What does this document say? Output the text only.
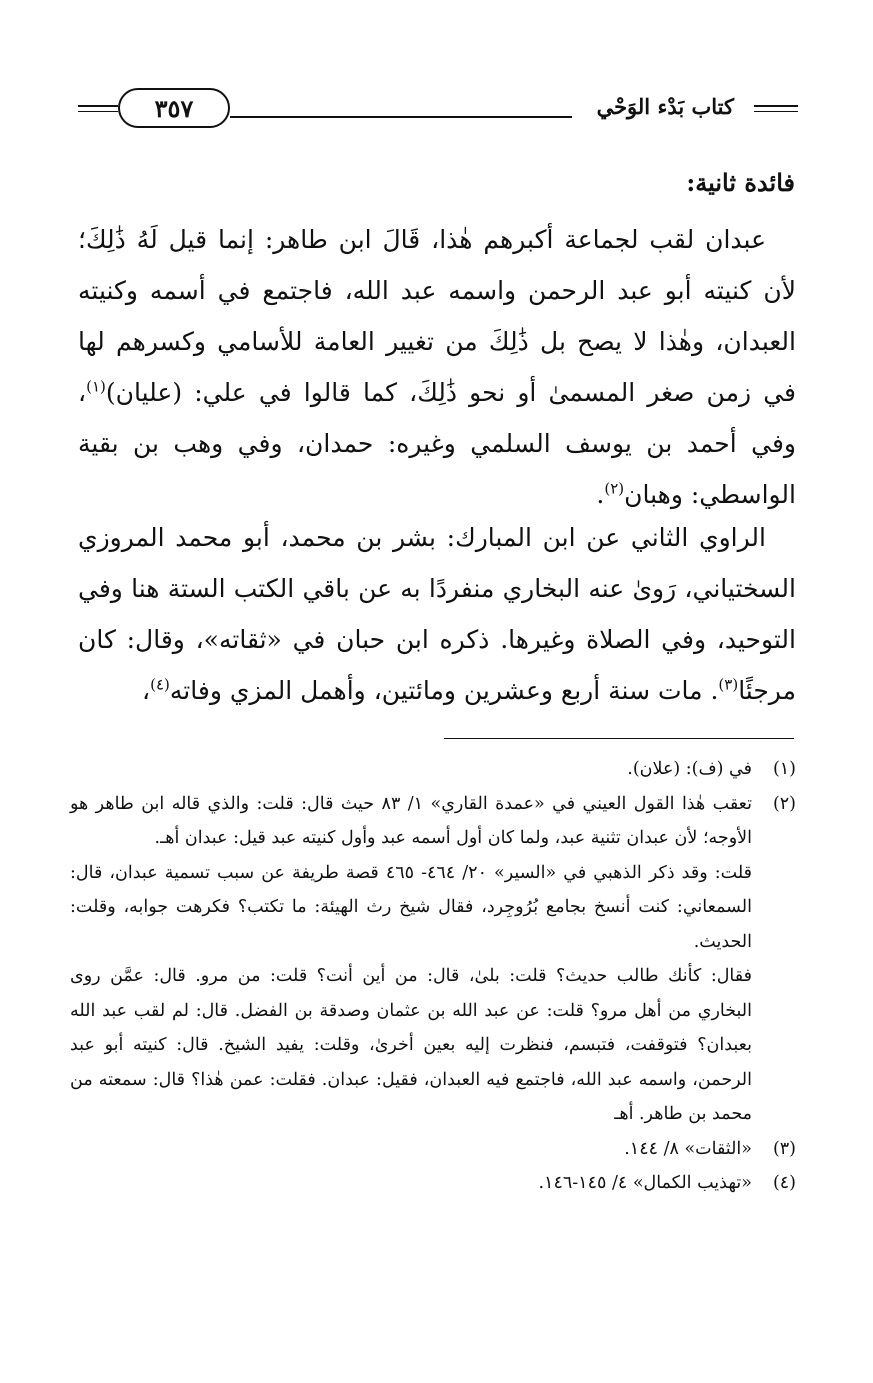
٣٥٧	كتاب بَدْء الوَحْي
فائدة ثانية:

عبدان لقب لجماعة أكبرهم هٰذا، قَالَ ابن طاهر: إنما قيل لَهُ ذَٰلِكَ؛ لأن كنيته أبو عبد الرحمن واسمه عبد الله، فاجتمع في أسمه وكنيته العبدان، وهٰذا لا يصح بل ذَٰلِكَ من تغيير العامة للأسامي وكسرهم لها في زمن صغر المسمىٰ أو نحو ذَٰلِكَ، كما قالوا في علي: (عليان)$^{(١)}$، وفي أحمد بن يوسف السلمي وغيره: حمدان، وفي وهب بن بقية الواسطي: وهبان$^{(٢)}$.

الراوي الثاني عن ابن المبارك: بشر بن محمد، أبو محمد المروزي السختياني، رَوىٰ عنه البخاري منفردًا به عن باقي الكتب الستة هنا وفي التوحيد، وفي الصلاة وغيرها. ذكره ابن حبان في «ثقاته»، وقال: كان مرجئًا$^{(٣)}$. مات سنة أربع وعشرين ومائتين، وأهمل المزي وفاته$^{(٤)}$،

(١)

في (ف): (علان).

(٢)

تعقب هٰذا القول العيني في «عمدة القاري» ١/ ٨٣ حيث قال: قلت: والذي قاله ابن طاهر هو الأوجه؛ لأن عبدان تثنية عبد، ولما كان أول أسمه عبد وأول كنيته عبد قيل: عبدان أهـ.

قلت: وقد ذكر الذهبي في «السير» ٢٠/ ٤٦٤- ٤٦٥ قصة طريفة عن سبب تسمية عبدان، قال: السمعاني: كنت أنسخ بجامع بُرُوجِرد، فقال شيخ رث الهيئة: ما تكتب؟ فكرهت جوابه، وقلت: الحديث.

فقال: كأنك طالب حديث؟ قلت: بلىٰ، قال: من أين أنت؟ قلت: من مرو. قال: عمَّن روى البخاري من أهل مرو؟ قلت: عن عبد الله بن عثمان وصدقة بن الفضل. قال: لم لقب عبد الله بعبدان؟ فتوقفت، فتبسم، فنظرت إليه بعين أخرىٰ، وقلت: يفيد الشيخ. قال: كنيته أبو عبد الرحمن، واسمه عبد الله، فاجتمع فيه العبدان، فقيل: عبدان. فقلت: عمن هٰذا؟ قال: سمعته من محمد بن طاهر. أهـ

(٣)

«الثقات» ٨/ ١٤٤.

(٤)

«تهذيب الكمال» ٤/ ١٤٥-١٤٦.
